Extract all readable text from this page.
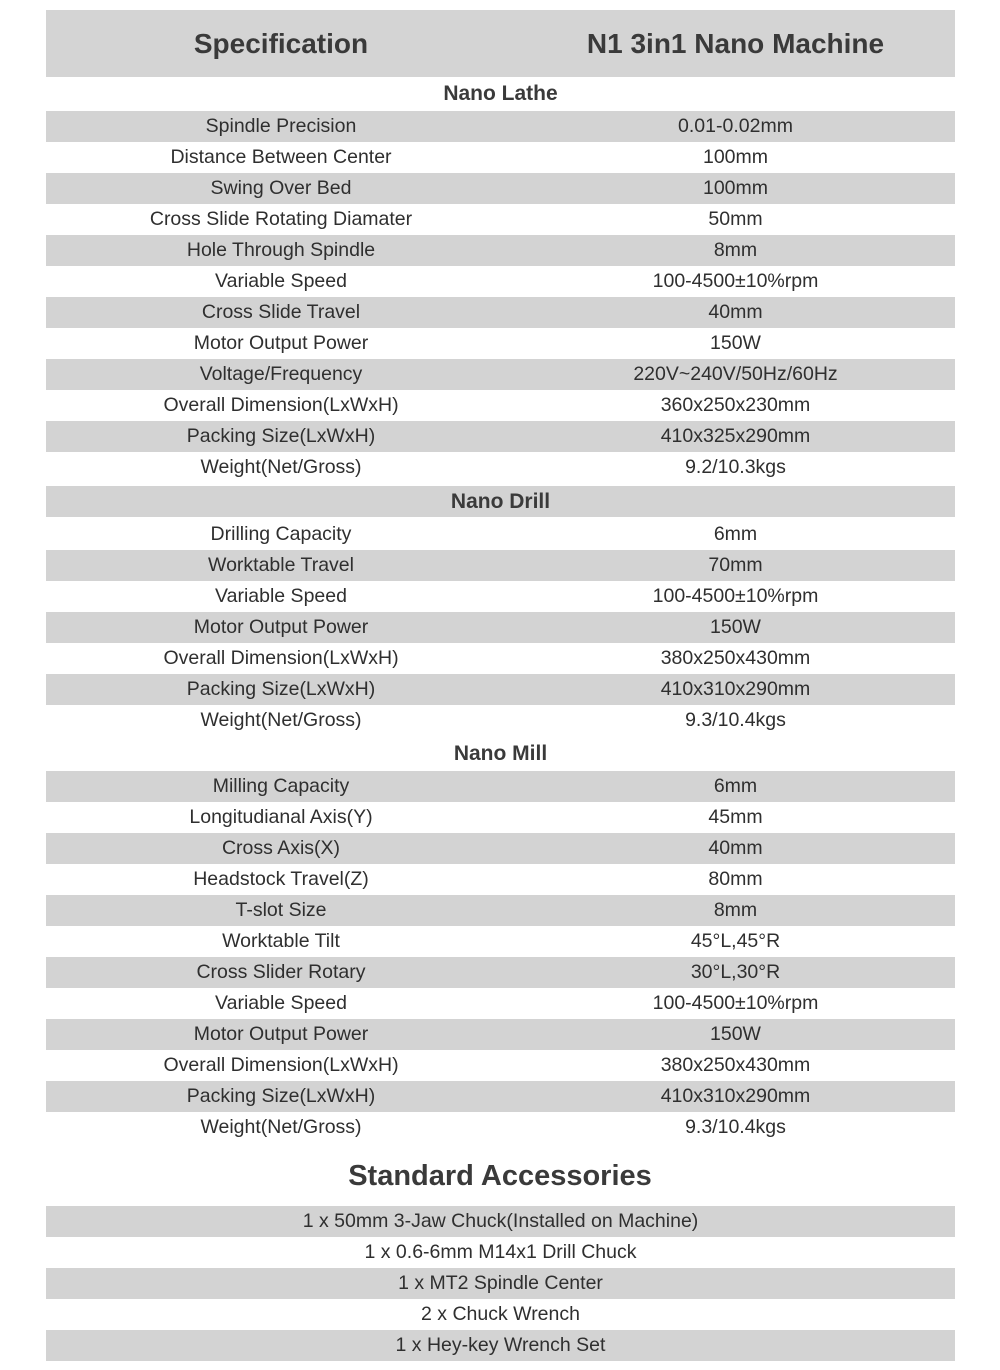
Specification	N1 3in1 Nano Machine
Nano Lathe
Spindle Precision	0.01-0.02mm
Distance Between Center	100mm
Swing Over Bed	100mm
Cross Slide Rotating Diamater	50mm
Hole Through Spindle	8mm
Variable Speed	100-4500±10%rpm
Cross Slide Travel	40mm
Motor Output Power	150W
Voltage/Frequency	220V~240V/50Hz/60Hz
Overall Dimension(LxWxH)	360x250x230mm
Packing Size(LxWxH)	410x325x290mm
Weight(Net/Gross)	9.2/10.3kgs
Nano Drill
Drilling Capacity	6mm
Worktable Travel	70mm
Variable Speed	100-4500±10%rpm
Motor Output Power	150W
Overall Dimension(LxWxH)	380x250x430mm
Packing Size(LxWxH)	410x310x290mm
Weight(Net/Gross)	9.3/10.4kgs
Nano Mill
Milling Capacity	6mm
Longitudianal Axis(Y)	45mm
Cross Axis(X)	40mm
Headstock Travel(Z)	80mm
T-slot Size	8mm
Worktable Tilt	45°L,45°R
Cross Slider Rotary	30°L,30°R
Variable Speed	100-4500±10%rpm
Motor Output Power	150W
Overall Dimension(LxWxH)	380x250x430mm
Packing Size(LxWxH)	410x310x290mm
Weight(Net/Gross)	9.3/10.4kgs
Standard Accessories
1 x 50mm 3-Jaw Chuck(Installed on Machine)
1 x 0.6-6mm M14x1 Drill Chuck
1 x MT2 Spindle Center
2 x Chuck Wrench
1 x Hey-key Wrench Set
